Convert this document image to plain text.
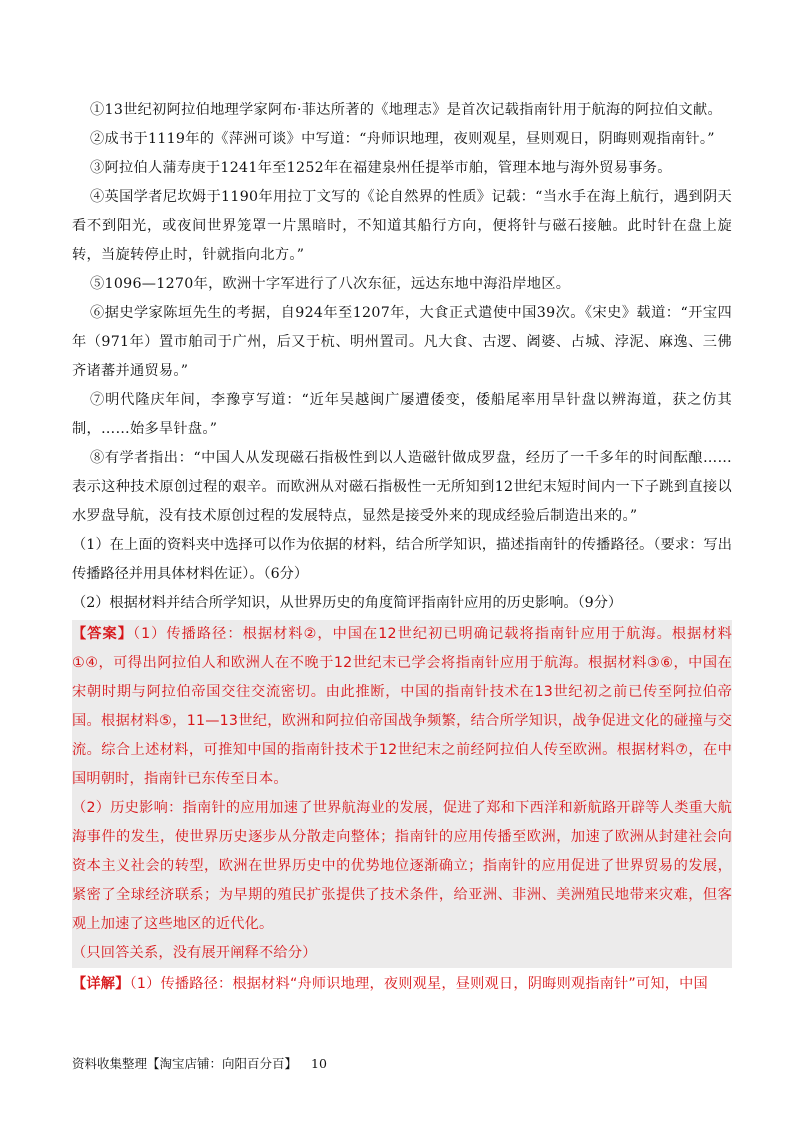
①13世纪初阿拉伯地理学家阿布·菲达所著的《地理志》是首次记载指南针用于航海的阿拉伯文献。

②成书于1119年的《萍洲可谈》中写道：“舟师识地理，夜则观星，昼则观日，阴晦则观指南针。”

③阿拉伯人蒲寿庚于1241年至1252年在福建泉州任提举市舶，管理本地与海外贸易事务。

④英国学者尼坎姆于1190年用拉丁文写的《论自然界的性质》记载：“当水手在海上航行，遇到阴天看不到阳光，或夜间世界笼罩一片黑暗时，不知道其船行方向，便将针与磁石接触。此时针在盘上旋转，当旋转停止时，针就指向北方。”

⑤1096—1270年，欧洲十字军进行了八次东征，远达东地中海沿岸地区。

⑥据史学家陈垣先生的考据，自924年至1207年，大食正式遣使中国39次。《宋史》载道：“开宝四年（971年）置市舶司于广州，后又于杭、明州置司。凡大食、古逻、阇婆、占城、浡泥、麻逸、三佛齐诸蕃并通贸易。”

⑦明代隆庆年间，李豫亨写道：“近年吴越闽广屡遭倭变，倭船尾率用旱针盘以辨海道，获之仿其制，……始多旱针盘。”

⑧有学者指出：“中国人从发现磁石指极性到以人造磁针做成罗盘，经历了一千多年的时间酝酿……表示这种技术原创过程的艰辛。而欧洲从对磁石指极性一无所知到12世纪末短时间内一下子跳到直接以水罗盘导航，没有技术原创过程的发展特点，显然是接受外来的现成经验后制造出来的。”

（1）在上面的资料夹中选择可以作为依据的材料，结合所学知识，描述指南针的传播路径。（要求：写出传播路径并用具体材料佐证）。（6分）

（2）根据材料并结合所学知识，从世界历史的角度简评指南针应用的历史影响。（9分）

【答案】（1）传播路径：根据材料②，中国在12世纪初已明确记载将指南针应用于航海。根据材料①④，可得出阿拉伯人和欧洲人在不晚于12世纪末已学会将指南针应用于航海。根据材料③⑥，中国在宋朝时期与阿拉伯帝国交往交流密切。由此推断，中国的指南针技术在13世纪初之前已传至阿拉伯帝国。根据材料⑤，11—13世纪，欧洲和阿拉伯帝国战争频繁，结合所学知识，战争促进文化的碰撞与交流。综合上述材料，可推知中国的指南针技术于12世纪末之前经阿拉伯人传至欧洲。根据材料⑦，在中国明朝时，指南针已东传至日本。

（2）历史影响：指南针的应用加速了世界航海业的发展，促进了郑和下西洋和新航路开辟等人类重大航海事件的发生，使世界历史逐步从分散走向整体；指南针的应用传播至欧洲，加速了欧洲从封建社会向资本主义社会的转型，欧洲在世界历史中的优势地位逐渐确立；指南针的应用促进了世界贸易的发展，紧密了全球经济联系；为早期的殖民扩张提供了技术条件，给亚洲、非洲、美洲殖民地带来灾难，但客观上加速了这些地区的近代化。

（只回答关系，没有展开阐释不给分）

【详解】（1）传播路径：根据材料“舟师识地理，夜则观星，昼则观日，阴晦则观指南针”可知，中国

资料收集整理【淘宝店铺：向阳百分百】 10
